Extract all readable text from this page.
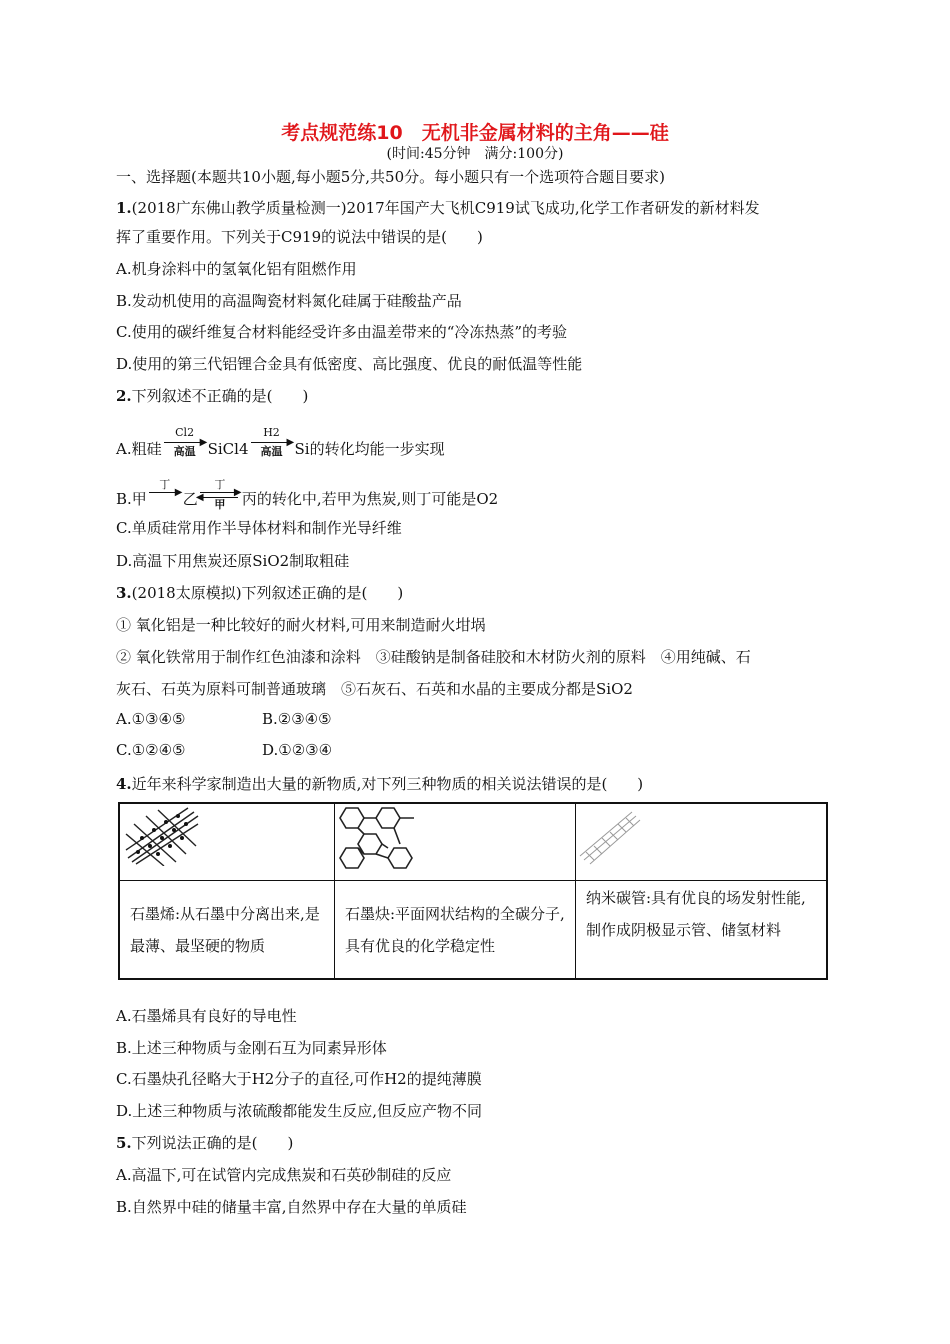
考点规范练10　无机非金属材料的主角——硅
(时间:45分钟　满分:100分)
一、选择题(本题共10小题,每小题5分,共50分。每小题只有一个选项符合题目要求)
1.(2018广东佛山教学质量检测一)2017年国产大飞机C919试飞成功,化学工作者研发的新材料发
挥了重要作用。下列关于C919的说法中错误的是(　　)
A.机身涂料中的氢氧化铝有阻燃作用
B.发动机使用的高温陶瓷材料氮化硅属于硅酸盐产品
C.使用的碳纤维复合材料能经受许多由温差带来的“冷冻热蒸”的考验
D.使用的第三代铝锂合金具有低密度、高比强度、优良的耐低温等性能
2.下列叙述不正确的是(　　)
A.粗硅
Cl2
▶
高温 SiCl4
H2
▶
高温 Si的转化均能一步实现
B.甲
丁
▶ 乙
丁
▶
◀
甲	丙的转化中,若甲为焦炭,则丁可能是O2
C.单质硅常用作半导体材料和制作光导纤维
D.高温下用焦炭还原SiO2制取粗硅
3.(2018太原模拟)下列叙述正确的是(　　)
① 氧化铝是一种比较好的耐火材料,可用来制造耐火坩埚
② 氧化铁常用于制作红色油漆和涂料　③硅酸钠是制备硅胶和木材防火剂的原料　④用纯碱、石
灰石、石英为原料可制普通玻璃　⑤石灰石、石英和水晶的主要成分都是SiO2
A.①③④⑤	B.②③④⑤
C.①②④⑤	D.①②③④
4.近年来科学家制造出大量的新物质,对下列三种物质的相关说法错误的是(　　)
石墨烯:从石墨中分离出来,是最薄、最坚硬的物质
石墨炔:平面网状结构的全碳分子,具有优良的化学稳定性
纳米碳管:具有优良的场发射性能,制作成阴极显示管、储氢材料
A.石墨烯具有良好的导电性
B.上述三种物质与金刚石互为同素异形体
C.石墨炔孔径略大于H2分子的直径,可作H2的提纯薄膜
D.上述三种物质与浓硫酸都能发生反应,但反应产物不同
5.下列说法正确的是(　　)
A.高温下,可在试管内完成焦炭和石英砂制硅的反应
B.自然界中硅的储量丰富,自然界中存在大量的单质硅
